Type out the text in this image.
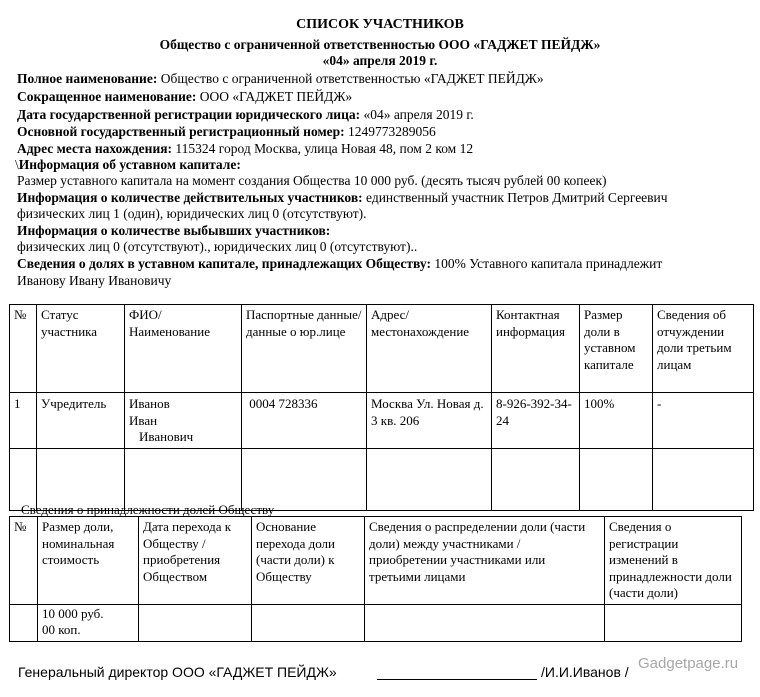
СПИСОК УЧАСТНИКОВ
Общество с ограниченной ответственностью ООО «ГАДЖЕТ ПЕЙДЖ»
«04» апреля 2019 г.
Полное наименование: Общество с ограниченной ответственностью «ГАДЖЕТ ПЕЙДЖ»
Сокращенное наименование: ООО «ГАДЖЕТ ПЕЙДЖ»
Дата государственной регистрации юридического лица: «04» апреля 2019 г.
Основной государственный регистрационный номер: 1249773289056
Адрес места нахождения: 115324 город Москва, улица Новая 48, пом 2 ком 12
\Информация об уставном капитале:
Размер уставного капитала на момент создания Общества 10 000 руб. (десять тысяч рублей 00 копеек)
Информация о количестве действительных участников: единственный участник Петров Дмитрий Сергеевич
физических лиц 1 (один), юридических лиц 0 (отсутствуют).
Информация о количестве выбывших участников:
физических лиц 0 (отсутствуют)., юридических лиц 0 (отсутствуют)..
Сведения о долях в уставном капитале, принадлежащих Обществу: 100% Уставного капитала принадлежит
Иванову Ивану Ивановичу
№	Статус участника	ФИО/ Наименование	Паспортные данные/ данные о юр.лице	Адрес/ местонахождение	Контактная информация	Размер доли в уставном капитале	Сведения об отчуждении доли третьим лицам
1	Учредитель	Иванов
Иван
Иванович	0004 728336	Москва Ул. Новая д. 3 кв. 206	8-926-392-34-24	100%	-

Сведения о принадлежности долей Обществу
№	Размер доли, номинальная стоимость	Дата перехода к Обществу / приобретения Обществом	Основание перехода доли (части доли) к Обществу	Сведения о распределении доли (части доли) между участниками / приобретении участниками или третьими лицами	Сведения о регистрации изменений в принадлежности доли (части доли)

	10 000 руб.
00 коп.				

Генеральный директор ООО «ГАДЖЕТ ПЕЙДЖ»	/И.И.Иванов / Gadgetpage.ru
